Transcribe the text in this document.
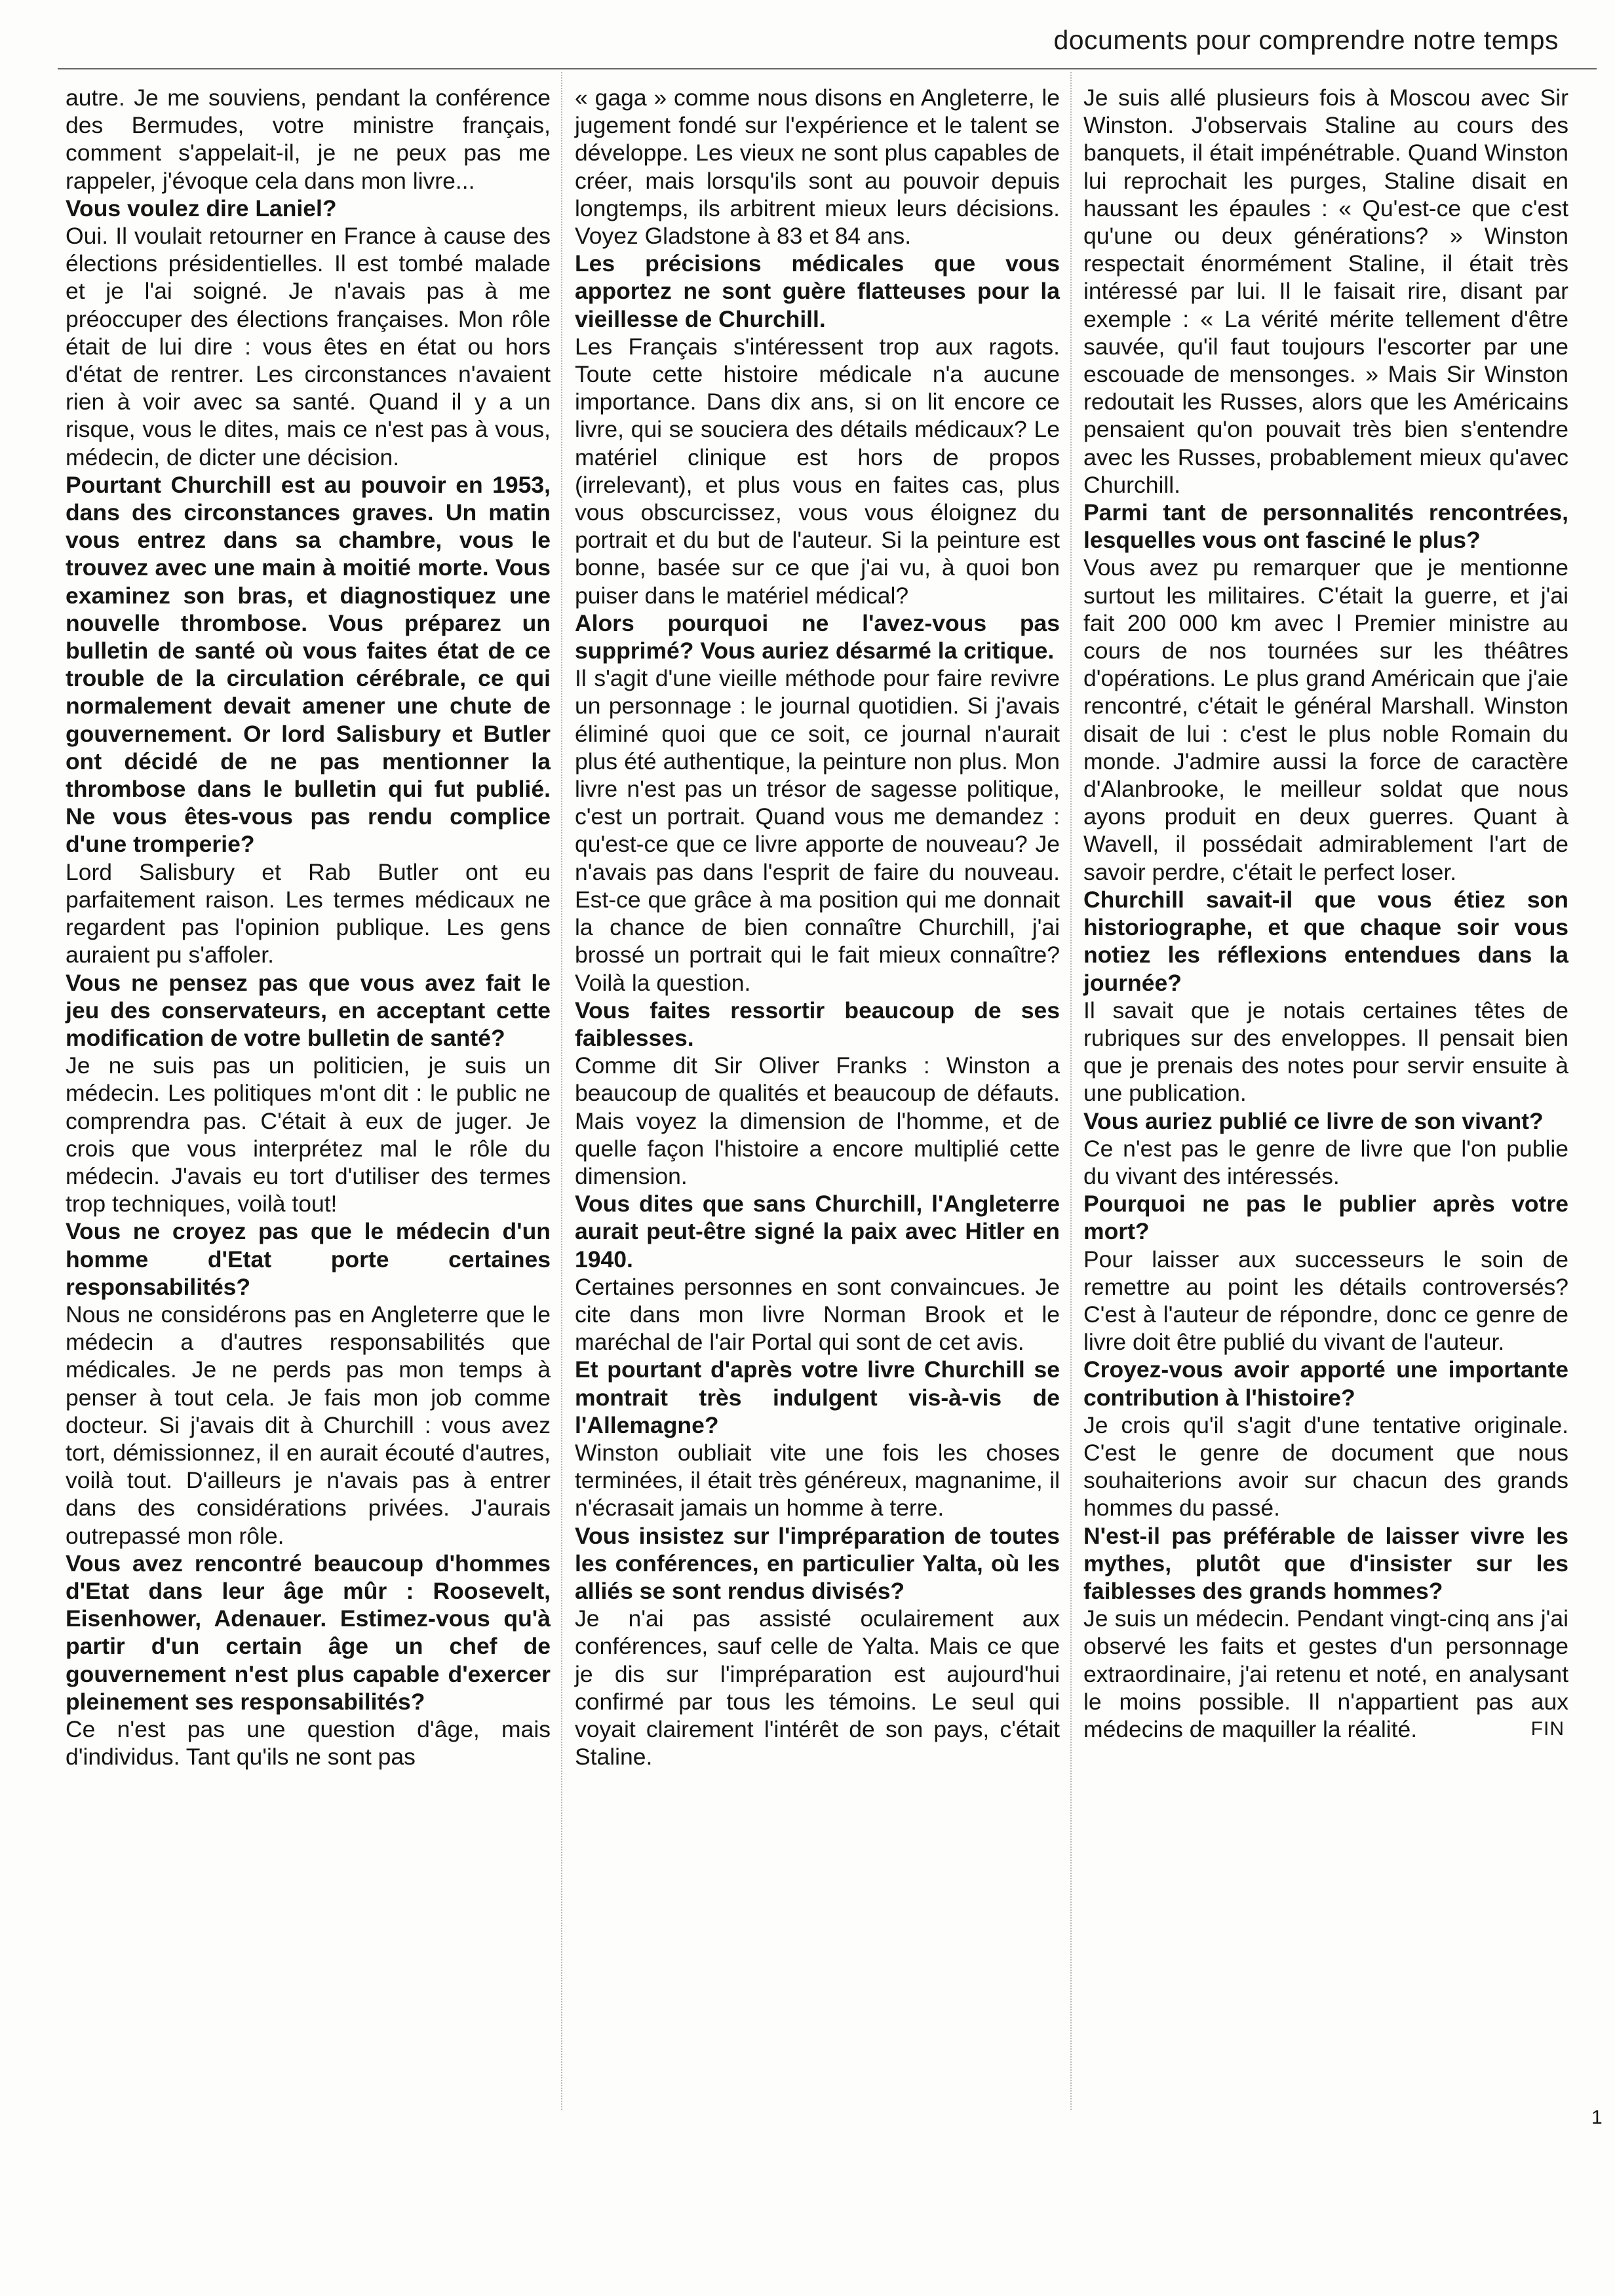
documents pour comprendre notre temps

autre. Je me souviens, pendant la conférence des Bermudes, votre ministre français, comment s'appelait-il, je ne peux pas me rappeler, j'évoque cela dans mon livre...

Vous voulez dire Laniel?

Oui. Il voulait retourner en France à cause des élections présidentielles. Il est tombé malade et je l'ai soigné. Je n'avais pas à me préoccuper des élections françaises. Mon rôle était de lui dire : vous êtes en état ou hors d'état de rentrer. Les circonstances n'avaient rien à voir avec sa santé. Quand il y a un risque, vous le dites, mais ce n'est pas à vous, médecin, de dicter une décision.

Pourtant Churchill est au pouvoir en 1953, dans des circonstances graves. Un matin vous entrez dans sa chambre, vous le trouvez avec une main à moitié morte. Vous examinez son bras, et diagnostiquez une nouvelle thrombose. Vous préparez un bulletin de santé où vous faites état de ce trouble de la circulation cérébrale, ce qui normalement devait amener une chute de gouvernement. Or lord Salisbury et Butler ont décidé de ne pas mentionner la thrombose dans le bulletin qui fut publié. Ne vous êtes-vous pas rendu complice d'une tromperie?

Lord Salisbury et Rab Butler ont eu parfaitement raison. Les termes médicaux ne regardent pas l'opinion publique. Les gens auraient pu s'affoler.

Vous ne pensez pas que vous avez fait le jeu des conservateurs, en acceptant cette modification de votre bulletin de santé?

Je ne suis pas un politicien, je suis un médecin. Les politiques m'ont dit : le public ne comprendra pas. C'était à eux de juger. Je crois que vous interprétez mal le rôle du médecin. J'avais eu tort d'utiliser des termes trop techniques, voilà tout!

Vous ne croyez pas que le médecin d'un homme d'Etat porte certaines responsabilités?

Nous ne considérons pas en Angleterre que le médecin a d'autres responsabilités que médicales. Je ne perds pas mon temps à penser à tout cela. Je fais mon job comme docteur. Si j'avais dit à Churchill : vous avez tort, démissionnez, il en aurait écouté d'autres, voilà tout. D'ailleurs je n'avais pas à entrer dans des considérations privées. J'aurais outrepassé mon rôle.

Vous avez rencontré beaucoup d'hommes d'Etat dans leur âge mûr : Roosevelt, Eisenhower, Adenauer. Estimez-vous qu'à partir d'un certain âge un chef de gouvernement n'est plus capable d'exercer pleinement ses responsabilités?

Ce n'est pas une question d'âge, mais d'individus. Tant qu'ils ne sont pas

« gaga » comme nous disons en Angleterre, le jugement fondé sur l'expérience et le talent se développe. Les vieux ne sont plus capables de créer, mais lorsqu'ils sont au pouvoir depuis longtemps, ils arbitrent mieux leurs décisions. Voyez Gladstone à 83 et 84 ans.

Les précisions médicales que vous apportez ne sont guère flatteuses pour la vieillesse de Churchill.

Les Français s'intéressent trop aux ragots. Toute cette histoire médicale n'a aucune importance. Dans dix ans, si on lit encore ce livre, qui se souciera des détails médicaux? Le matériel clinique est hors de propos (irrelevant), et plus vous en faites cas, plus vous obscurcissez, vous vous éloignez du portrait et du but de l'auteur. Si la peinture est bonne, basée sur ce que j'ai vu, à quoi bon puiser dans le matériel médical?

Alors pourquoi ne l'avez-vous pas supprimé? Vous auriez désarmé la critique.

Il s'agit d'une vieille méthode pour faire revivre un personnage : le journal quotidien. Si j'avais éliminé quoi que ce soit, ce journal n'aurait plus été authentique, la peinture non plus. Mon livre n'est pas un trésor de sagesse politique, c'est un portrait. Quand vous me demandez : qu'est-ce que ce livre apporte de nouveau? Je n'avais pas dans l'esprit de faire du nouveau. Est-ce que grâce à ma position qui me donnait la chance de bien connaître Churchill, j'ai brossé un portrait qui le fait mieux connaître? Voilà la question.

Vous faites ressortir beaucoup de ses faiblesses.

Comme dit Sir Oliver Franks : Winston a beaucoup de qualités et beaucoup de défauts. Mais voyez la dimension de l'homme, et de quelle façon l'histoire a encore multiplié cette dimension.

Vous dites que sans Churchill, l'Angleterre aurait peut-être signé la paix avec Hitler en 1940.

Certaines personnes en sont convaincues. Je cite dans mon livre Norman Brook et le maréchal de l'air Portal qui sont de cet avis.

Et pourtant d'après votre livre Churchill se montrait très indulgent vis-à-vis de l'Allemagne?

Winston oubliait vite une fois les choses terminées, il était très généreux, magnanime, il n'écrasait jamais un homme à terre.

Vous insistez sur l'impréparation de toutes les conférences, en particulier Yalta, où les alliés se sont rendus divisés?

Je n'ai pas assisté oculairement aux conférences, sauf celle de Yalta. Mais ce que je dis sur l'impréparation est aujourd'hui confirmé par tous les témoins. Le seul qui voyait clairement l'intérêt de son pays, c'était Staline.

Je suis allé plusieurs fois à Moscou avec Sir Winston. J'observais Staline au cours des banquets, il était impénétrable. Quand Winston lui reprochait les purges, Staline disait en haussant les épaules : « Qu'est-ce que c'est qu'une ou deux générations? » Winston respectait énormément Staline, il était très intéressé par lui. Il le faisait rire, disant par exemple : « La vérité mérite tellement d'être sauvée, qu'il faut toujours l'escorter par une escouade de mensonges. » Mais Sir Winston redoutait les Russes, alors que les Américains pensaient qu'on pouvait très bien s'entendre avec les Russes, probablement mieux qu'avec Churchill.

Parmi tant de personnalités rencontrées, lesquelles vous ont fasciné le plus?

Vous avez pu remarquer que je mentionne surtout les militaires. C'était la guerre, et j'ai fait 200 000 km avec l Premier ministre au cours de nos tournées sur les théâtres d'opérations. Le plus grand Américain que j'aie rencontré, c'était le général Marshall. Winston disait de lui : c'est le plus noble Romain du monde. J'admire aussi la force de caractère d'Alanbrooke, le meilleur soldat que nous ayons produit en deux guerres. Quant à Wavell, il possédait admirablement l'art de savoir perdre, c'était le perfect loser.

Churchill savait-il que vous étiez son historiographe, et que chaque soir vous notiez les réflexions entendues dans la journée?

Il savait que je notais certaines têtes de rubriques sur des enveloppes. Il pensait bien que je prenais des notes pour servir ensuite à une publication.

Vous auriez publié ce livre de son vivant?

Ce n'est pas le genre de livre que l'on publie du vivant des intéressés.

Pourquoi ne pas le publier après votre mort?

Pour laisser aux successeurs le soin de remettre au point les détails controversés? C'est à l'auteur de répondre, donc ce genre de livre doit être publié du vivant de l'auteur.

Croyez-vous avoir apporté une importante contribution à l'histoire?

Je crois qu'il s'agit d'une tentative originale. C'est le genre de document que nous souhaiterions avoir sur chacun des grands hommes du passé.

N'est-il pas préférable de laisser vivre les mythes, plutôt que d'insister sur les faiblesses des grands hommes?

Je suis un médecin. Pendant vingt-cinq ans j'ai observé les faits et gestes d'un personnage extraordinaire, j'ai retenu et noté, en analysant le moins possible. Il n'appartient pas aux médecins de maquiller la réalité.	FIN
1
